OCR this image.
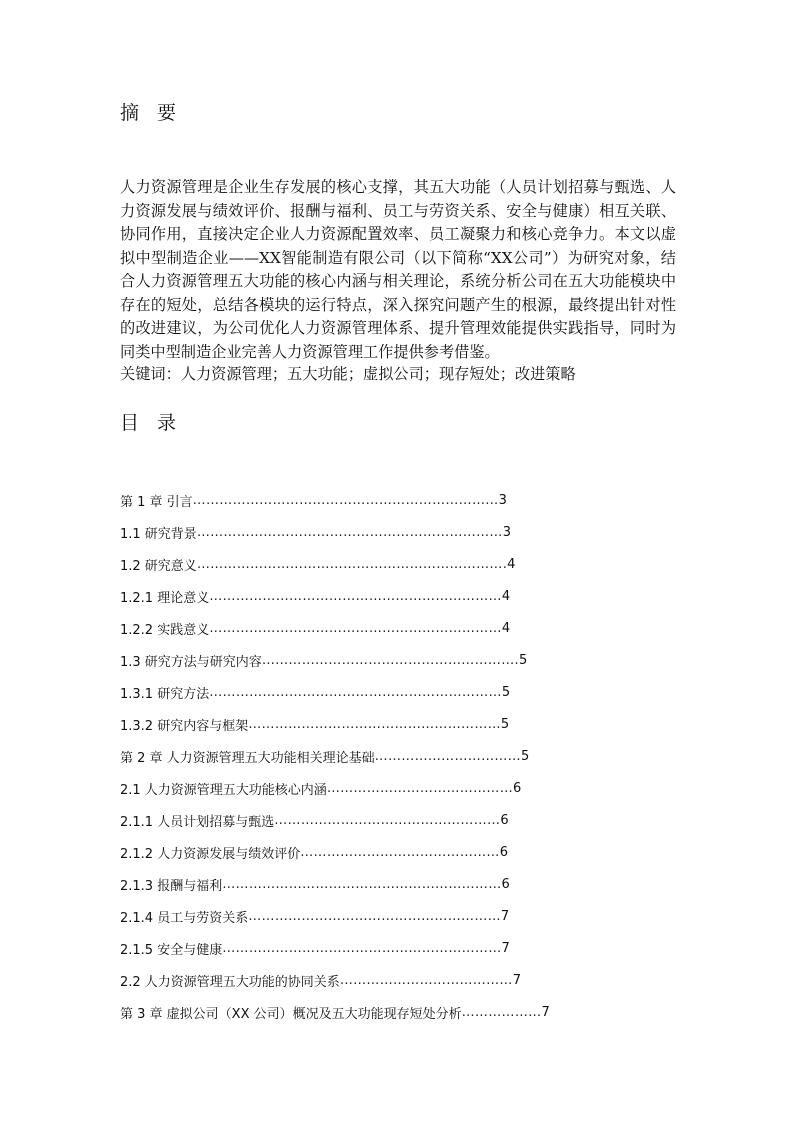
摘 要

人力资源管理是企业生存发展的核心支撑，其五大功能（人员计划招募与甄选、人力资源发展与绩效评价、报酬与福利、员工与劳资关系、安全与健康）相互关联、协同作用，直接决定企业人力资源配置效率、员工凝聚力和核心竞争力。本文以虚拟中型制造企业——XX智能制造有限公司（以下简称“XX公司”）为研究对象，结合人力资源管理五大功能的核心内涵与相关理论，系统分析公司在五大功能模块中存在的短处，总结各模块的运行特点，深入探究问题产生的根源，最终提出针对性的改进建议，为公司优化人力资源管理体系、提升管理效能提供实践指导，同时为同类中型制造企业完善人力资源管理工作提供参考借鉴。

关键词：人力资源管理；五大功能；虚拟公司；现存短处；改进策略

目 录
第 1 章 引言 …………………………………………………………… 3
1.1 研究背景 …………………………………………………………… 3
1.2 研究意义 ……………………………………………………………. 4
1.2.1 理论意义 ………………………………………………………… 4
1.2.2 实践意义 ………………………………………………………… 4
1.3 研究方法与研究内容 …………………………………………………. 5
1.3.1 研究方法 ………………………………………………………… 5
1.3.2 研究内容与框架 ………………………………………………… 5
第 2 章 人力资源管理五大功能相关理论基础 …………………………… 5
2.1 人力资源管理五大功能核心内涵 …………………………………… 6
2.1.1 人员计划招募与甄选 …………………………………………… 6
2.1.2 人力资源发展与绩效评价 ……………………………………… 6
2.1.3 报酬与福利 ……………………………………………………… 6
2.1.4 员工与劳资关系 ………………………………………………… 7
2.1.5 安全与健康 ……………………………………………………… 7
2.2 人力资源管理五大功能的协同关系 ………………………………… 7
第 3 章 虚拟公司（XX 公司）概况及五大功能现存短处分析 ……………… 7
